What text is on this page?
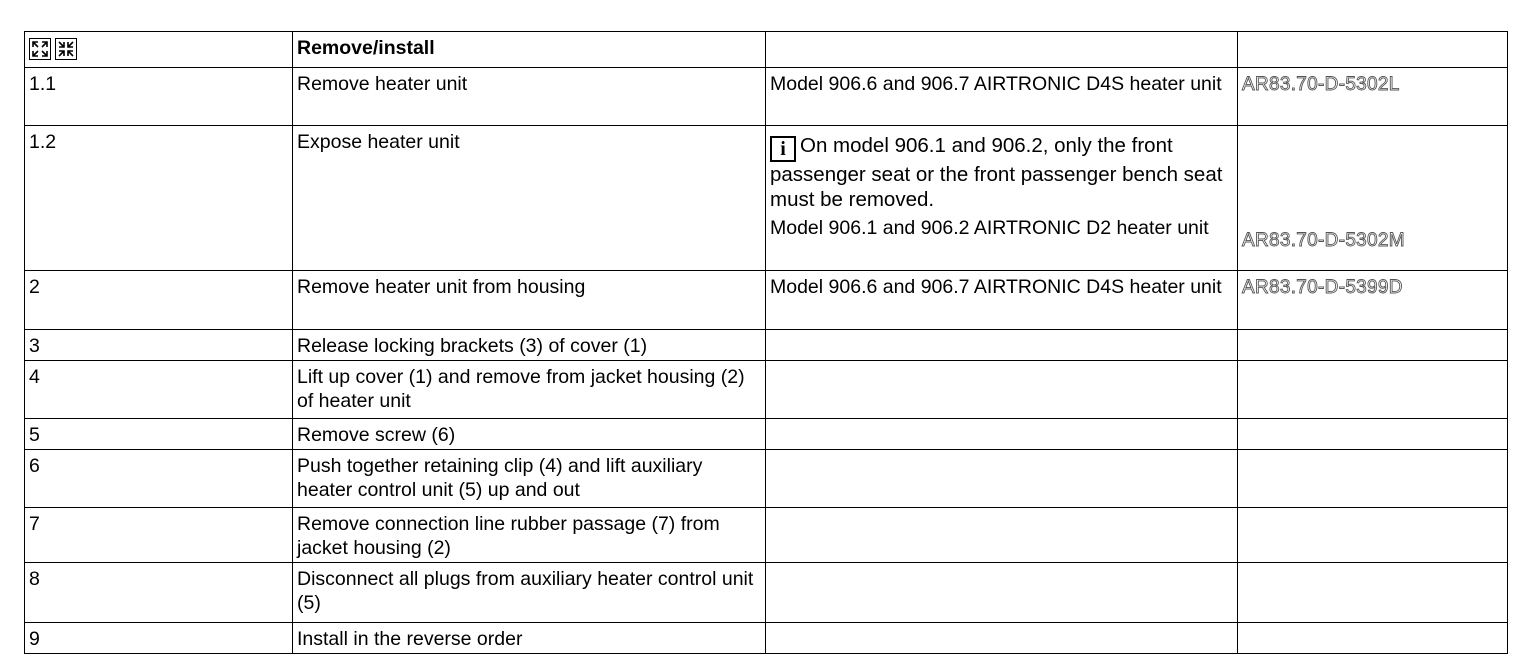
	Remove/install		
1.1	Remove heater unit	Model 906.6 and 906.7 AIRTRONIC D4S heater unit	AR83.70-D-5302L
1.2	Expose heater unit	i On model 906.1 and 906.2, only the front passenger seat or the front passenger bench seat must be removed.
Model 906.1 and 906.2 AIRTRONIC D2 heater unit	AR83.70-D-5302M
2	Remove heater unit from housing	Model 906.6 and 906.7 AIRTRONIC D4S heater unit	AR83.70-D-5399D
3	Release locking brackets (3) of cover (1)		
4	Lift up cover (1) and remove from jacket housing (2) of heater unit		
5	Remove screw (6)		
6	Push together retaining clip (4) and lift auxiliary heater control unit (5) up and out		
7	Remove connection line rubber passage (7) from jacket housing (2)		
8	Disconnect all plugs from auxiliary heater control unit (5)		
9	Install in the reverse order		
